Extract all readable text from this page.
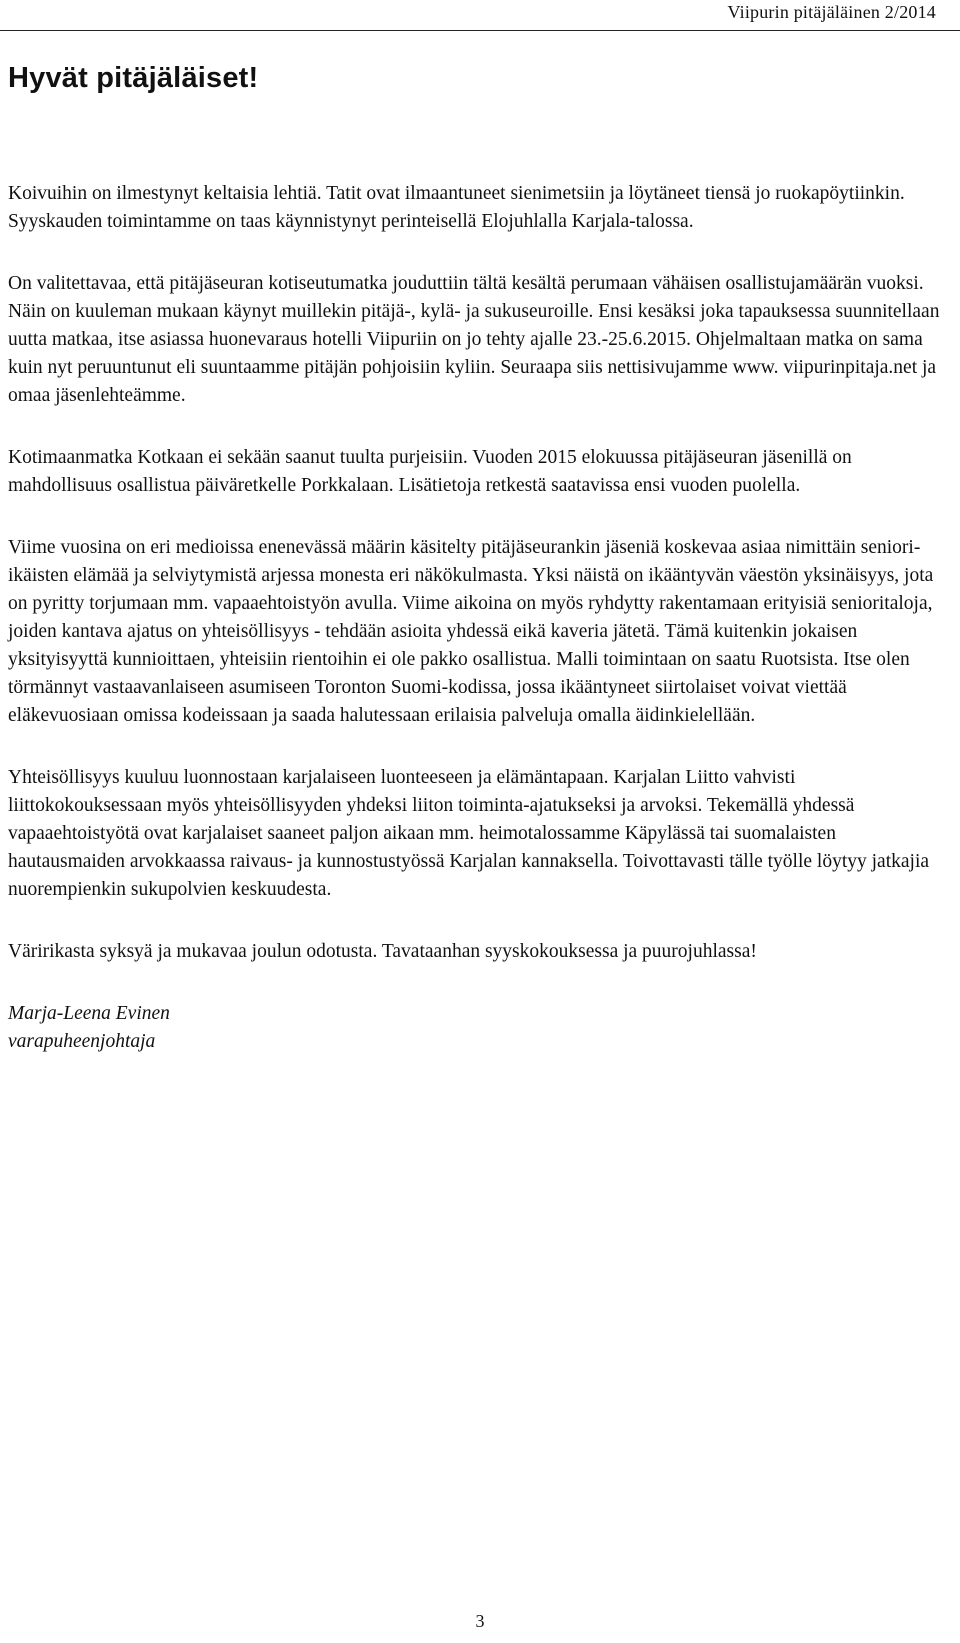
Viipurin pitäjäläinen 2/2014
Hyvät pitäjäläiset!

Koivuihin on ilmestynyt keltaisia lehtiä. Tatit ovat ilmaantuneet sienimetsiin ja löytäneet tiensä jo ruokapöytiinkin. Syyskauden toimintamme on taas käynnistynyt perinteisellä Elojuhlalla Karjala-talossa.

On valitettavaa, että pitäjäseuran kotiseutumatka jouduttiin tältä kesältä perumaan vähäisen osallistujamäärän vuoksi. Näin on kuuleman mukaan käynyt muillekin pitäjä-, kylä- ja sukuseuroille. Ensi kesäksi joka tapauksessa suunnitellaan uutta matkaa, itse asiassa huonevaraus hotelli Viipuriin on jo tehty ajalle 23.-25.6.2015. Ohjelmaltaan matka on sama kuin nyt peruuntunut eli suuntaamme pitäjän pohjoisiin kyliin. Seuraapa siis nettisivujamme www. viipurinpitaja.net ja omaa jäsenlehteämme.

Kotimaanmatka Kotkaan ei sekään saanut tuulta purjeisiin. Vuoden 2015 elokuussa pitäjäseuran jäsenillä on mahdollisuus osallistua päiväretkelle Porkkalaan. Lisätietoja retkestä saatavissa ensi vuoden puolella.

Viime vuosina on eri medioissa enenevässä määrin käsitelty pitäjäseurankin jäseniä koskevaa asiaa nimittäin seniori-ikäisten elämää ja selviytymistä arjessa monesta eri näkökulmasta. Yksi näistä on ikääntyvän väestön yksinäisyys, jota on pyritty torjumaan mm. vapaaehtoistyön avulla. Viime aikoina on myös ryhdytty rakentamaan erityisiä senioritaloja, joiden kantava ajatus on yhteisöllisyys - tehdään asioita yhdessä eikä kaveria jätetä. Tämä kuitenkin jokaisen yksityisyyttä kunnioittaen, yhteisiin rientoihin ei ole pakko osallistua. Malli toimintaan on saatu Ruotsista. Itse olen törmännyt vastaavanlaiseen asumiseen Toronton Suomi-kodissa, jossa ikääntyneet siirtolaiset voivat viettää eläkevuosiaan omissa kodeissaan ja saada halutessaan erilaisia palveluja omalla äidinkielellään.

Yhteisöllisyys kuuluu luonnostaan karjalaiseen luonteeseen ja elämäntapaan. Karjalan Liitto vahvisti liittokokouksessaan myös yhteisöllisyyden yhdeksi liiton toiminta-ajatukseksi ja arvoksi. Tekemällä yhdessä vapaaehtoistyötä ovat karjalaiset saaneet paljon aikaan mm. heimotalossamme Käpylässä tai suomalaisten hautausmaiden arvokkaassa raivaus- ja kunnostustyössä Karjalan kannaksella. Toivottavasti tälle työlle löytyy jatkajia nuorempienkin sukupolvien keskuudesta.

Väririkasta syksyä ja mukavaa joulun odotusta. Tavataanhan syyskokouksessa ja puurojuhlassa!

Marja-Leena Evinen
varapuheenjohtaja

3
